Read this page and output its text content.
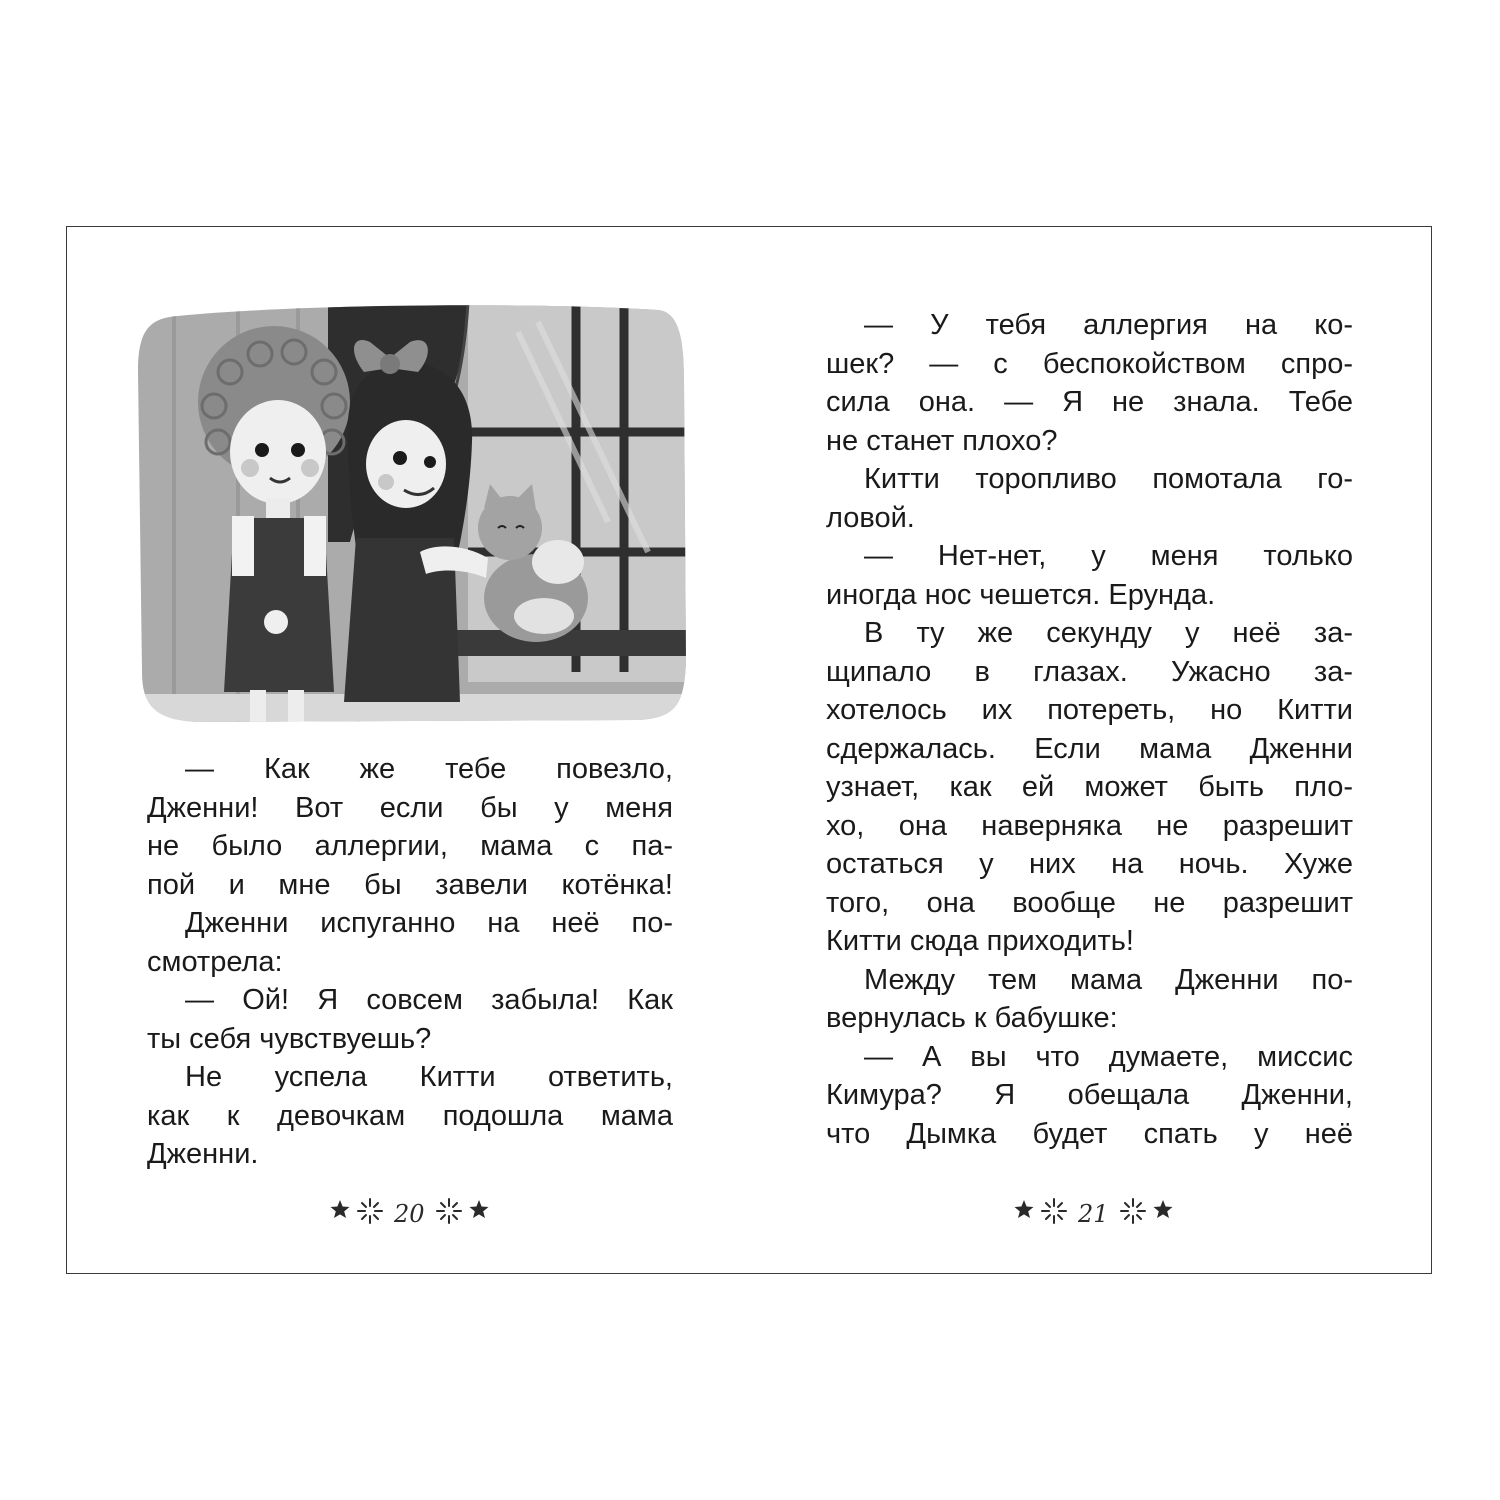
— Как же тебе повезло,
Дженни! Вот если бы у меня
не было аллергии, мама с па-
пой и мне бы завели котёнка!
Дженни испуганно на неё по-
смотрела:
— Ой! Я совсем забыла! Как
ты себя чувствуешь?
Не успела Китти ответить,
как к девочкам подошла мама
Дженни.
— У тебя аллергия на ко-
шек? — с беспокойством спро-
сила она. — Я не знала. Тебе
не станет плохо?
Китти торопливо помотала го-
ловой.
— Нет-нет, у меня только
иногда нос чешется. Ерунда.
В ту же секунду у неё за-
щипало в глазах. Ужасно за-
хотелось их потереть, но Китти
сдержалась. Если мама Дженни
узнает, как ей может быть пло-
хо, она наверняка не разрешит
остаться у них на ночь. Хуже
того, она вообще не разрешит
Китти сюда приходить!
Между тем мама Дженни по-
вернулась к бабушке:
— А вы что думаете, миссис
Кимура? Я обещала Дженни,
что Дымка будет спать у неё
20	21
